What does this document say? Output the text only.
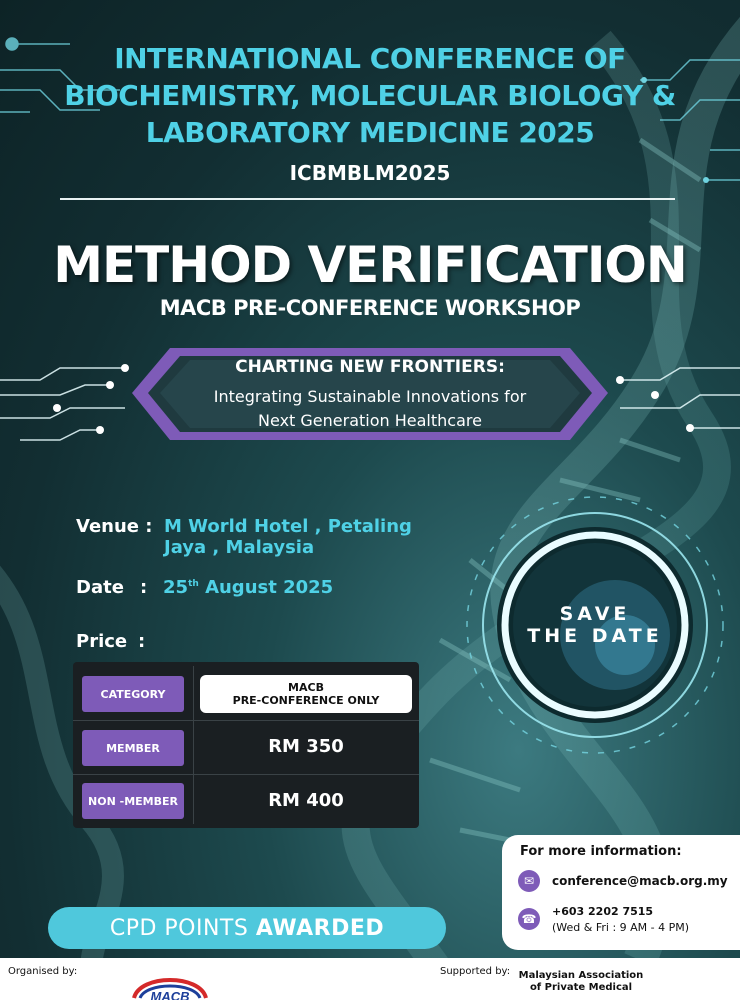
INTERNATIONAL CONFERENCE OF
BIOCHEMISTRY, MOLECULAR BIOLOGY &
LABORATORY MEDICINE 2025
ICBMBLM2025
METHOD VERIFICATION
MACB PRE-CONFERENCE WORKSHOP
CHARTING NEW FRONTIERS:
Integrating Sustainable Innovations for
Next Generation Healthcare
Venue : M World Hotel , Petaling
Jaya , Malaysia
Date : 25th August 2025
Price :
CATEGORY	MACB
PRE-CONFERENCE ONLY
MEMBER	RM 350
NON -MEMBER	RM 400
SAVE
THE DATE
For more information:
✉	conference@macb.org.my
☎
+603 2202 7515
(Wed & Fri : 9 AM - 4 PM)
CPD POINTS
AWARDED
Organised by:
MACB
Supported by: Malaysian Association
of Private Medical
